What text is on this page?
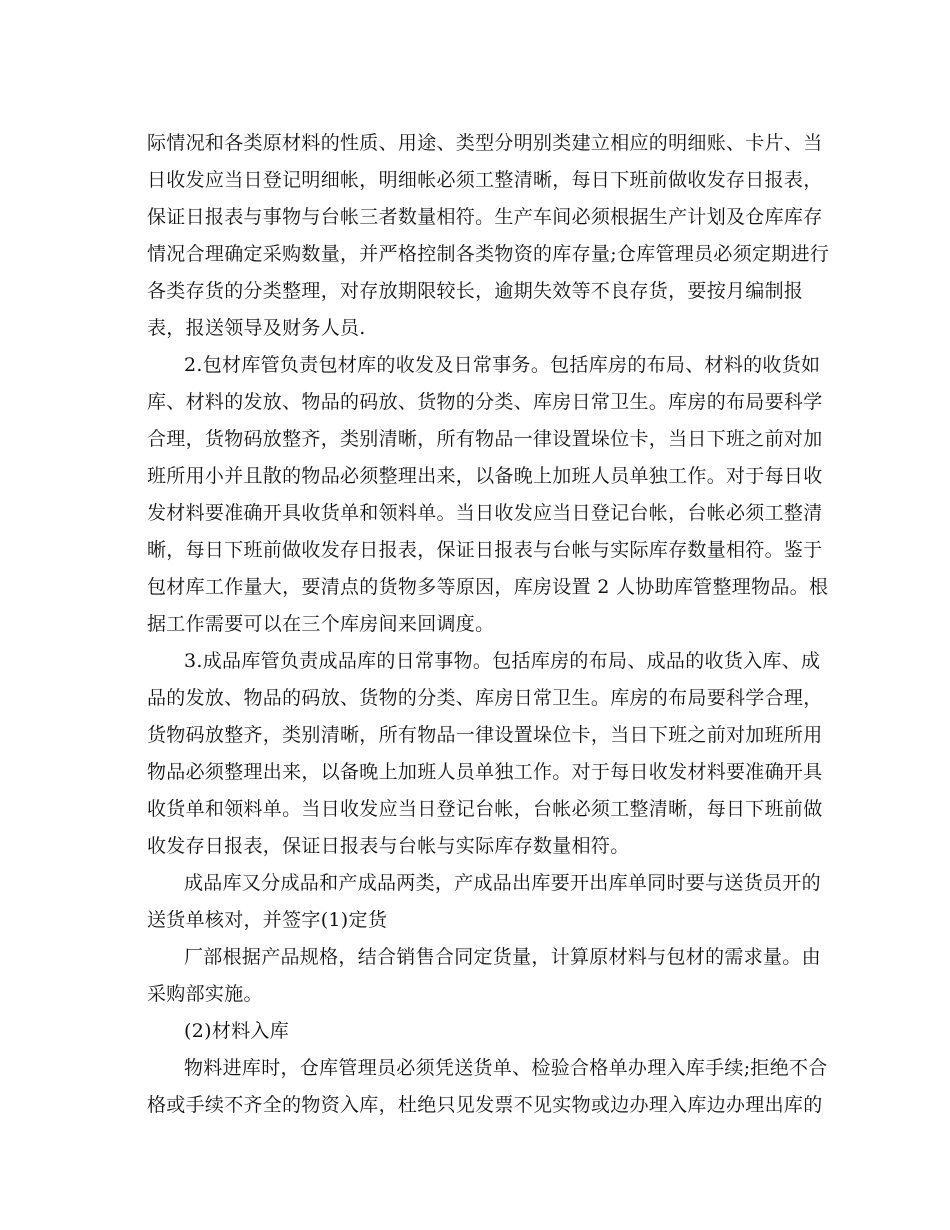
际情况和各类原材料的性质、用途、类型分明别类建立相应的明细账、卡片、当
日收发应当日登记明细帐，明细帐必须工整清晰，每日下班前做收发存日报表，
保证日报表与事物与台帐三者数量相符。生产车间必须根据生产计划及仓库库存
情况合理确定采购数量，并严格控制各类物资的库存量;仓库管理员必须定期进行
各类存货的分类整理，对存放期限较长，逾期失效等不良存货，要按月编制报
表，报送领导及财务人员.
2.包材库管负责包材库的收发及日常事务。包括库房的布局、材料的收货如
库、材料的发放、物品的码放、货物的分类、库房日常卫生。库房的布局要科学
合理，货物码放整齐，类别清晰，所有物品一律设置垛位卡，当日下班之前对加
班所用小并且散的物品必须整理出来，以备晚上加班人员单独工作。对于每日收
发材料要准确开具收货单和领料单。当日收发应当日登记台帐，台帐必须工整清
晰，每日下班前做收发存日报表，保证日报表与台帐与实际库存数量相符。鉴于
包材库工作量大，要清点的货物多等原因，库房设置 2 人协助库管整理物品。根
据工作需要可以在三个库房间来回调度。
3.成品库管负责成品库的日常事物。包括库房的布局、成品的收货入库、成
品的发放、物品的码放、货物的分类、库房日常卫生。库房的布局要科学合理，
货物码放整齐，类别清晰，所有物品一律设置垛位卡，当日下班之前对加班所用
物品必须整理出来，以备晚上加班人员单独工作。对于每日收发材料要准确开具
收货单和领料单。当日收发应当日登记台帐，台帐必须工整清晰，每日下班前做
收发存日报表，保证日报表与台帐与实际库存数量相符。
成品库又分成品和产成品两类，产成品出库要开出库单同时要与送货员开的
送货单核对，并签字(1)定货
厂部根据产品规格，结合销售合同定货量，计算原材料与包材的需求量。由
采购部实施。
(2)材料入库
物料进库时，仓库管理员必须凭送货单、检验合格单办理入库手续;拒绝不合
格或手续不齐全的物资入库，杜绝只见发票不见实物或边办理入库边办理出库的
